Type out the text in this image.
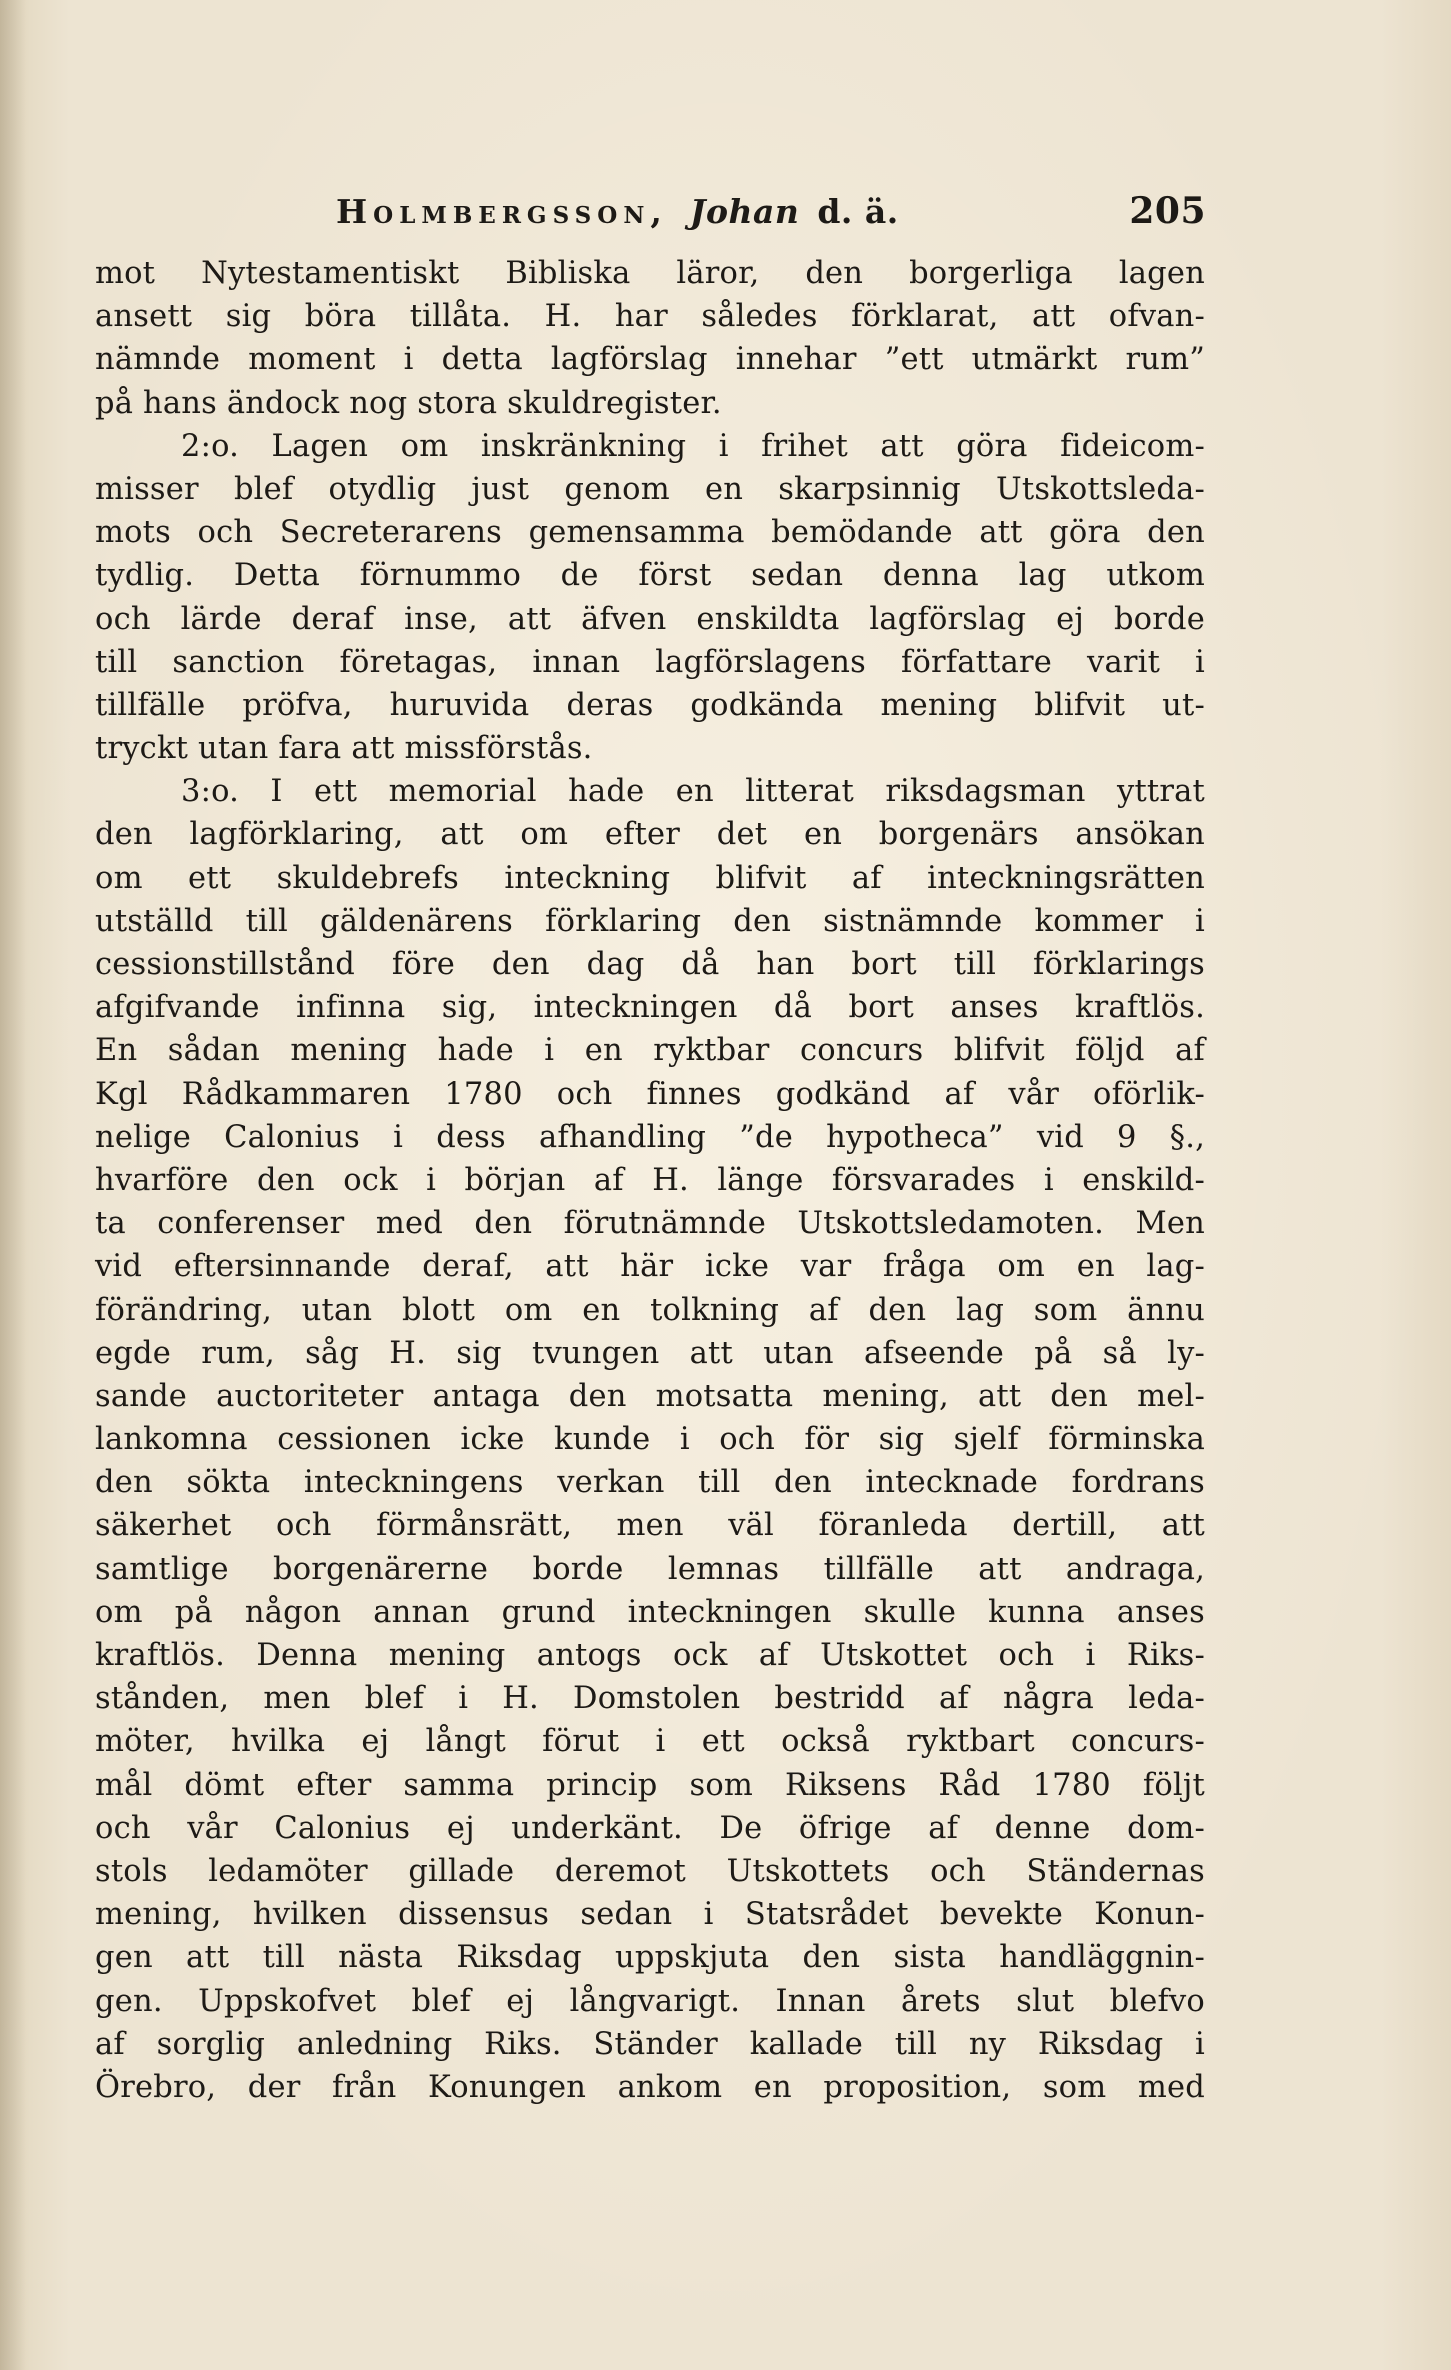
Holmbergsson, Johan d. ä.	205
mot Nytestamentiskt Bibliska läror, den borgerliga lagen
ansett sig böra tillåta. H. har således förklarat, att ofvan-
nämnde moment i detta lagförslag innehar ”ett utmärkt rum”
på hans ändock nog stora skuldregister.
2:o. Lagen om inskränkning i frihet att göra fideicom-
misser blef otydlig just genom en skarpsinnig Utskottsleda-
mots och Secreterarens gemensamma bemödande att göra den
tydlig. Detta förnummo de först sedan denna lag utkom
och lärde deraf inse, att äfven enskildta lagförslag ej borde
till sanction företagas, innan lagförslagens författare varit i
tillfälle pröfva, huruvida deras godkända mening blifvit ut-
tryckt utan fara att missförstås.
3:o. I ett memorial hade en litterat riksdagsman yttrat
den lagförklaring, att om efter det en borgenärs ansökan
om ett skuldebrefs inteckning blifvit af inteckningsrätten
utställd till gäldenärens förklaring den sistnämnde kommer i
cessionstillstånd före den dag då han bort till förklarings
afgifvande infinna sig, inteckningen då bort anses kraftlös.
En sådan mening hade i en ryktbar concurs blifvit följd af
Kgl Rådkammaren 1780 och finnes godkänd af vår oförlik-
nelige Calonius i dess afhandling ”de hypotheca” vid 9 §.,
hvarföre den ock i början af H. länge försvarades i enskild-
ta conferenser med den förutnämnde Utskottsledamoten. Men
vid eftersinnande deraf, att här icke var fråga om en lag-
förändring, utan blott om en tolkning af den lag som ännu
egde rum, såg H. sig tvungen att utan afseende på så ly-
sande auctoriteter antaga den motsatta mening, att den mel-
lankomna cessionen icke kunde i och för sig sjelf förminska
den sökta inteckningens verkan till den intecknade fordrans
säkerhet och förmånsrätt, men väl föranleda dertill, att
samtlige borgenärerne borde lemnas tillfälle att andraga,
om på någon annan grund inteckningen skulle kunna anses
kraftlös. Denna mening antogs ock af Utskottet och i Riks-
stånden, men blef i H. Domstolen bestridd af några leda-
möter, hvilka ej långt förut i ett också ryktbart concurs-
mål dömt efter samma princip som Riksens Råd 1780 följt
och vår Calonius ej underkänt. De öfrige af denne dom-
stols ledamöter gillade deremot Utskottets och Ständernas
mening, hvilken dissensus sedan i Statsrådet bevekte Konun-
gen att till nästa Riksdag uppskjuta den sista handläggnin-
gen. Uppskofvet blef ej långvarigt. Innan årets slut blefvo
af sorglig anledning Riks. Ständer kallade till ny Riksdag i
Örebro, der från Konungen ankom en proposition, som med
